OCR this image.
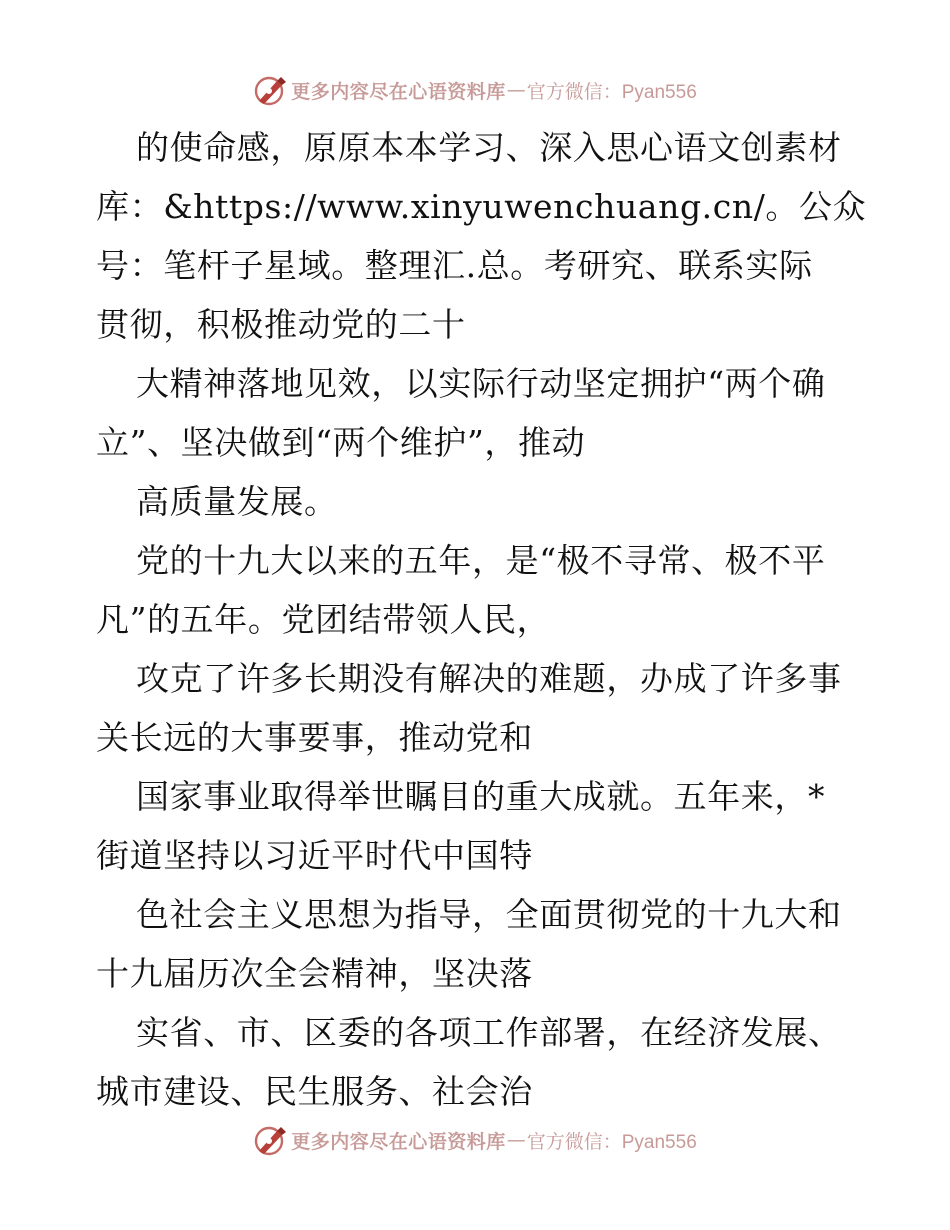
更多内容尽在心语资料库 — 官方微信：Pyan556
的使命感，原原本本学习、深入思心语文创素材
库：&https://www.xinyuwenchuang.cn/。公众
号：笔杆子星域。整理汇.总。考研究、联系实际
贯彻，积极推动党的二十
大精神落地见效，以实际行动坚定拥护“两个确
立”、坚决做到“两个维护”，推动
高质量发展。
党的十九大以来的五年，是“极不寻常、极不平
凡”的五年。党团结带领人民，
攻克了许多长期没有解决的难题，办成了许多事
关长远的大事要事，推动党和
国家事业取得举世瞩目的重大成就。五年来，*
街道坚持以习近平时代中国特
色社会主义思想为指导，全面贯彻党的十九大和
十九届历次全会精神，坚决落
实省、市、区委的各项工作部署，在经济发展、
城市建设、民生服务、社会治
更多内容尽在心语资料库 — 官方微信：Pyan556
